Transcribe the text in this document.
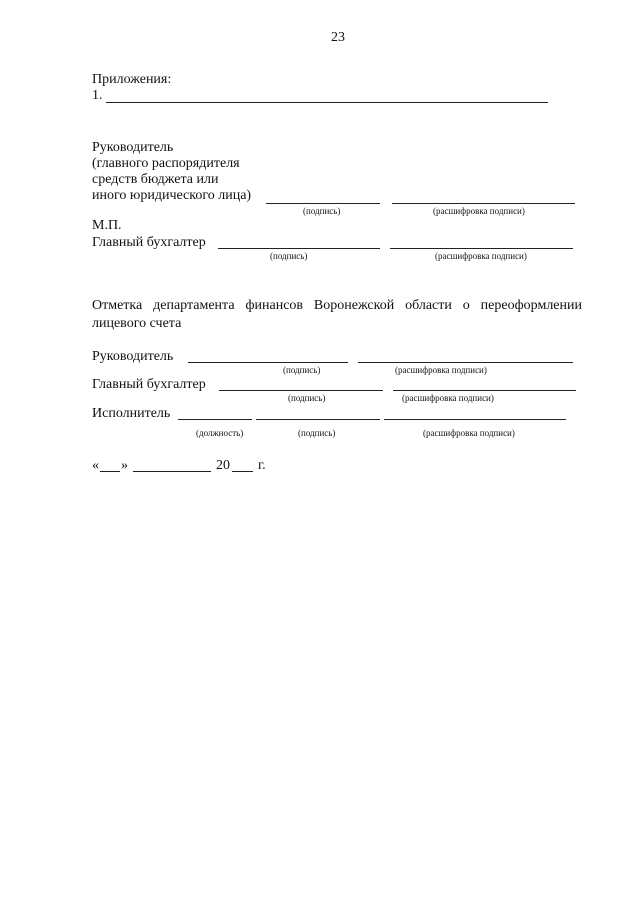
23
Приложения:
1.
Руководитель
(главного распорядителя
средств бюджета или
иного юридического лица)
(подпись)	(расшифровка подписи)
М.П.
Главный бухгалтер
(подпись)	(расшифровка подписи)
Отметка департамента финансов Воронежской области о переоформлении
лицевого счета
Руководитель
(подпись)	(расшифровка подписи)
Главный бухгалтер
(подпись)	(расшифровка подписи)
Исполнитель
(должность)	(подпись)	(расшифровка подписи)
« »	20 г.
